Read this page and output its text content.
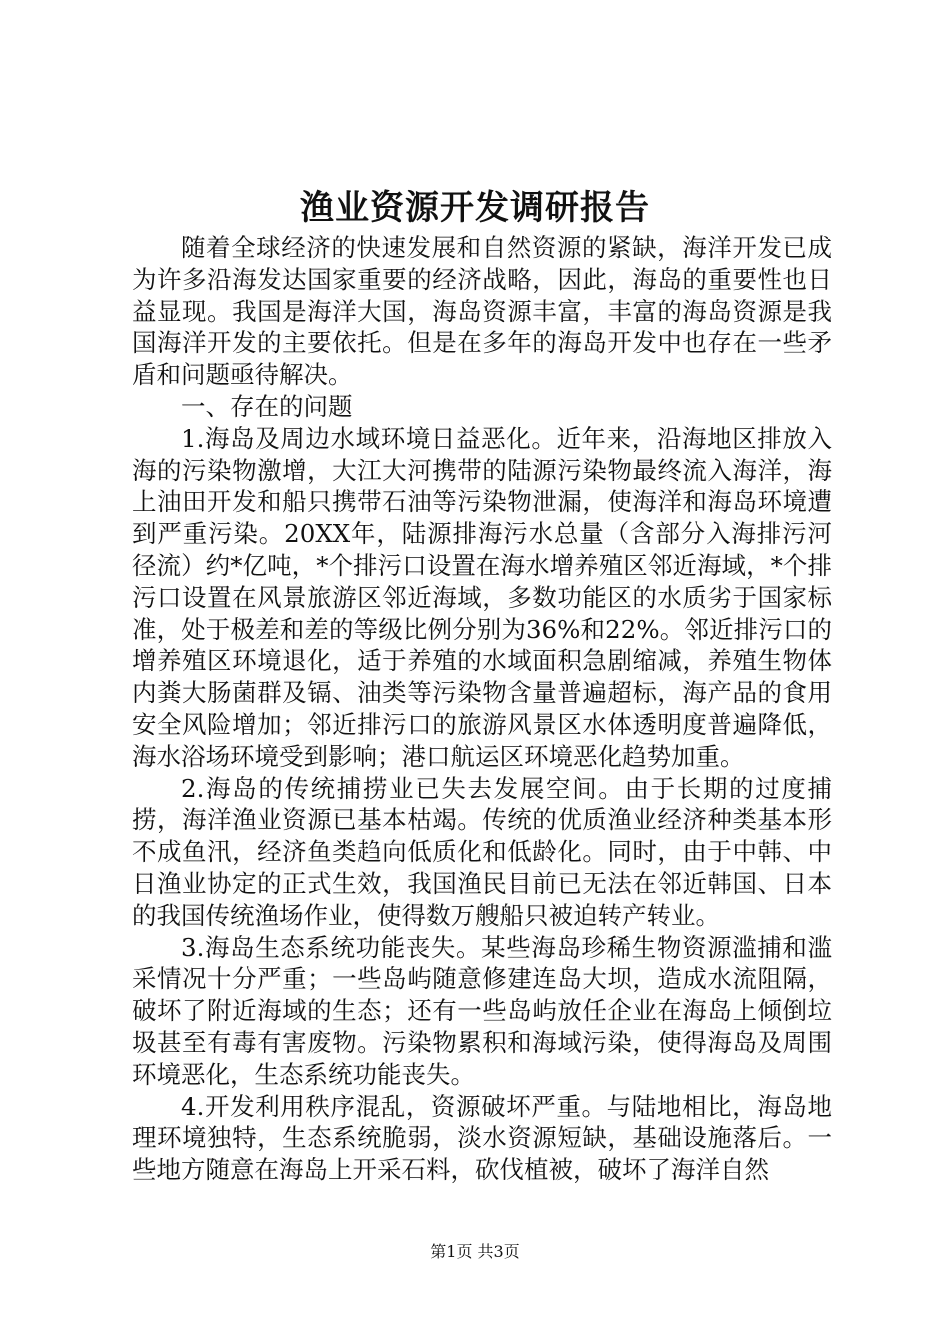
渔业资源开发调研报告

随着全球经济的快速发展和自然资源的紧缺，海洋开发已成为许多沿海发达国家重要的经济战略，因此，海岛的重要性也日益显现。我国是海洋大国，海岛资源丰富，丰富的海岛资源是我国海洋开发的主要依托。但是在多年的海岛开发中也存在一些矛盾和问题亟待解决。

一、存在的问题

1.海岛及周边水域环境日益恶化。近年来，沿海地区排放入海的污染物激增，大江大河携带的陆源污染物最终流入海洋，海上油田开发和船只携带石油等污染物泄漏，使海洋和海岛环境遭到严重污染。20XX年，陆源排海污水总量（含部分入海排污河径流）约*亿吨，*个排污口设置在海水增养殖区邻近海域，*个排污口设置在风景旅游区邻近海域，多数功能区的水质劣于国家标准，处于极差和差的等级比例分别为36%和22%。邻近排污口的增养殖区环境退化，适于养殖的水域面积急剧缩减，养殖生物体内粪大肠菌群及镉、油类等污染物含量普遍超标，海产品的食用安全风险增加；邻近排污口的旅游风景区水体透明度普遍降低，海水浴场环境受到影响；港口航运区环境恶化趋势加重。

2.海岛的传统捕捞业已失去发展空间。由于长期的过度捕捞，海洋渔业资源已基本枯竭。传统的优质渔业经济种类基本形不成鱼汛，经济鱼类趋向低质化和低龄化。同时，由于中韩、中日渔业协定的正式生效，我国渔民目前已无法在邻近韩国、日本的我国传统渔场作业，使得数万艘船只被迫转产转业。

3.海岛生态系统功能丧失。某些海岛珍稀生物资源滥捕和滥采情况十分严重；一些岛屿随意修建连岛大坝，造成水流阻隔，破坏了附近海域的生态；还有一些岛屿放任企业在海岛上倾倒垃圾甚至有毒有害废物。污染物累积和海域污染，使得海岛及周围环境恶化，生态系统功能丧失。

4.开发利用秩序混乱，资源破坏严重。与陆地相比，海岛地理环境独特，生态系统脆弱，淡水资源短缺，基础设施落后。一些地方随意在海岛上开采石料，砍伐植被，破坏了海洋自然

第1页 共3页
